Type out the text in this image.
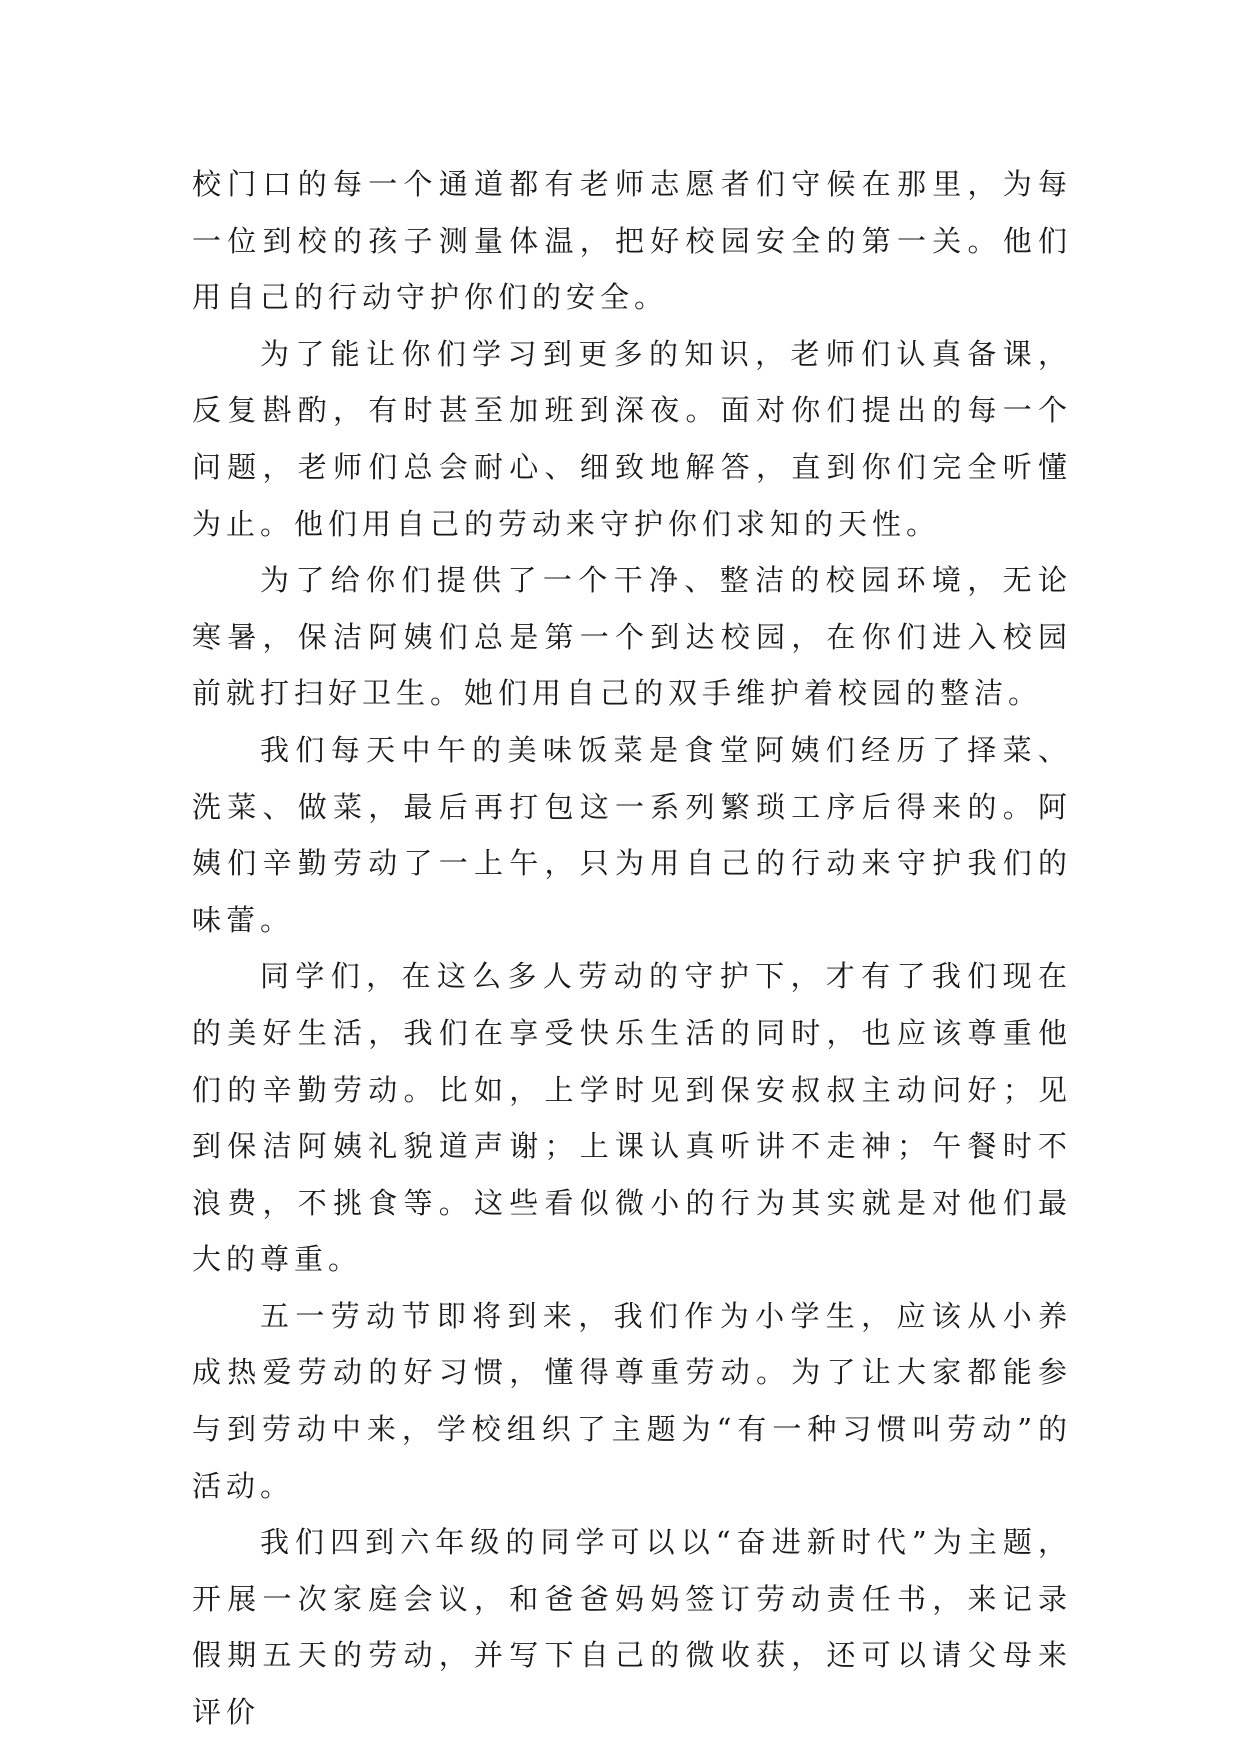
校门口的每一个通道都有老师志愿者们守候在那里，为每一位到校的孩子测量体温，把好校园安全的第一关。他们用自己的行动守护你们的安全。

为了能让你们学习到更多的知识，老师们认真备课，反复斟酌，有时甚至加班到深夜。面对你们提出的每一个问题，老师们总会耐心、细致地解答，直到你们完全听懂为止。他们用自己的劳动来守护你们求知的天性。

为了给你们提供了一个干净、整洁的校园环境，无论寒暑，保洁阿姨们总是第一个到达校园，在你们进入校园前就打扫好卫生。她们用自己的双手维护着校园的整洁。

我们每天中午的美味饭菜是食堂阿姨们经历了择菜、洗菜、做菜，最后再打包这一系列繁琐工序后得来的。阿姨们辛勤劳动了一上午，只为用自己的行动来守护我们的味蕾。

同学们，在这么多人劳动的守护下，才有了我们现在的美好生活，我们在享受快乐生活的同时，也应该尊重他们的辛勤劳动。比如，上学时见到保安叔叔主动问好；见到保洁阿姨礼貌道声谢；上课认真听讲不走神；午餐时不浪费，不挑食等。这些看似微小的行为其实就是对他们最大的尊重。

五一劳动节即将到来，我们作为小学生，应该从小养成热爱劳动的好习惯，懂得尊重劳动。为了让大家都能参与到劳动中来，学校组织了主题为“有一种习惯叫劳动”的活动。

我们四到六年级的同学可以以“奋进新时代”为主题，开展一次家庭会议，和爸爸妈妈签订劳动责任书，来记录假期五天的劳动，并写下自己的微收获，还可以请父母来评价
